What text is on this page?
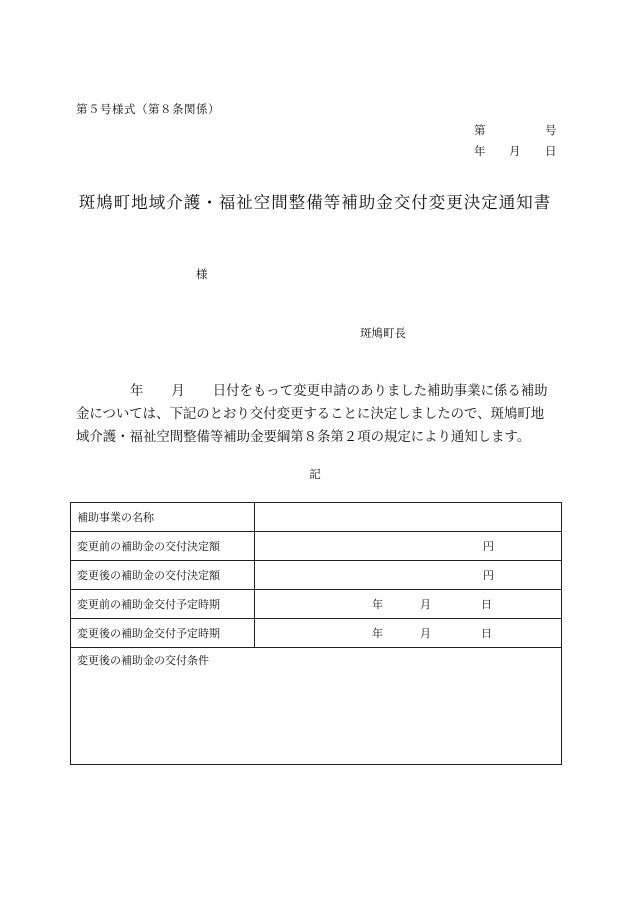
第５号様式（第８条関係）
第	号
年 月 日
斑鳩町地域介護・福祉空間整備等補助金交付変更決定通知書
様
斑鳩町長

年 月 日付をもって変更申請のありました補助事業に係る補助

金については、下記のとおり交付変更することに決定しましたので、斑鳩町地

域介護・福祉空間整備等補助金要綱第８条第２項の規定により通知します。

記
補助事業の名称	
変更前の補助金の交付決定額	円

変更後の補助金の交付決定額	円

変更前の補助金交付予定時期	年 月 日

変更後の補助金交付予定時期	年 月 日

変更後の補助金の交付条件	
